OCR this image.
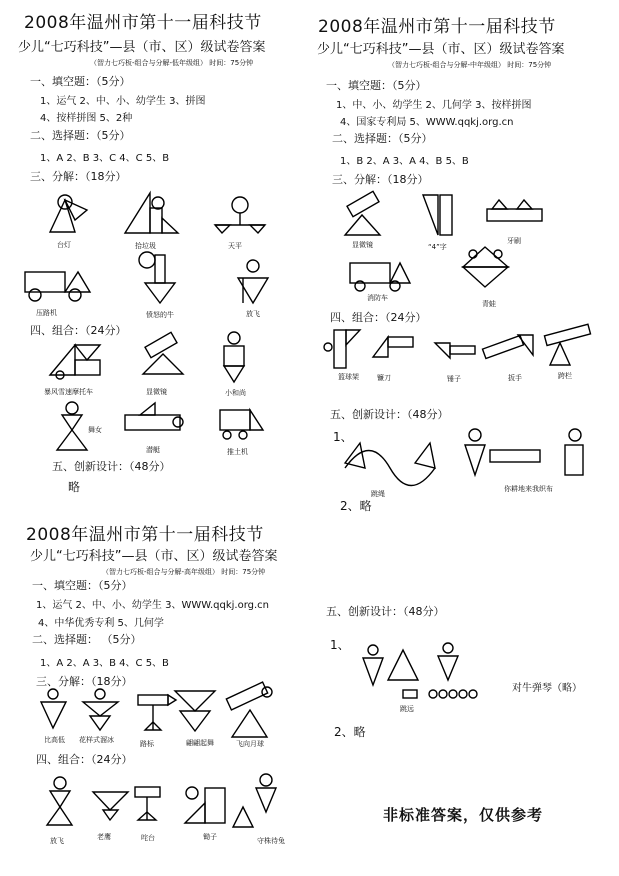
2008年温州市第十一届科技节
少儿“七巧科技”—县（市、区）级试卷答案
（智力七巧板-组合与分解-低年级组） 时间：75分钟
一、填空题：（5分）
1、运气 2、中、小、幼学生 3、拼图
4、按样拼图 5、2种
二、选择题：（5分）
1、A 2、B 3、C 4、C 5、B
三、分解：（18分）
台灯	拾垃圾	天平
压路机	愤怒的牛	放飞
四、组合：（24分）
暴风雪速摩托车	显微镜	小和尚
舞女
潜艇	推土机
五、创新设计：（48分）
略
2008年温州市第十一届科技节
少儿“七巧科技”—县（市、区）级试卷答案
（智力七巧板-组合与分解-中年级组） 时间：75分钟
一、填空题：（5分）
1、中、小、幼学生 2、几何学 3、按样拼图
4、国家专利局 5、WWW.qqkj.org.cn
二、选择题：（5分）
1、B 2、A 3、A 4、B 5、B
三、分解：（18分）
显微镜	“4”字
牙刷
消防车
青蛙
四、组合：（24分）
篮球架	镰刀	锤子	扳手	跨栏
五、创新设计：（48分）
1、
跳绳
你耕地来我织布
2、略
2008年温州市第十一届科技节
少儿“七巧科技”—县（市、区）级试卷答案
（智力七巧板-组合与分解-高年级组） 时间：75分钟
一、填空题：（5分）
1、运气 2、中、小、幼学生 3、WWW.qqkj.org.cn
4、中华优秀专利 5、几何学
二、选择题： （5分）
1、A 2、A 3、B 4、C 5、B
三、分解：（18分）
比高低 花样式溜冰	路标	翩翩起舞	飞向月球
四、组合：（24分）
放飞	老鹰	咤台	锄子	守株待兔
五、创新设计：（48分）
1、
跳远
对牛弹琴（略）
2、略
非标准答案，仅供参考
